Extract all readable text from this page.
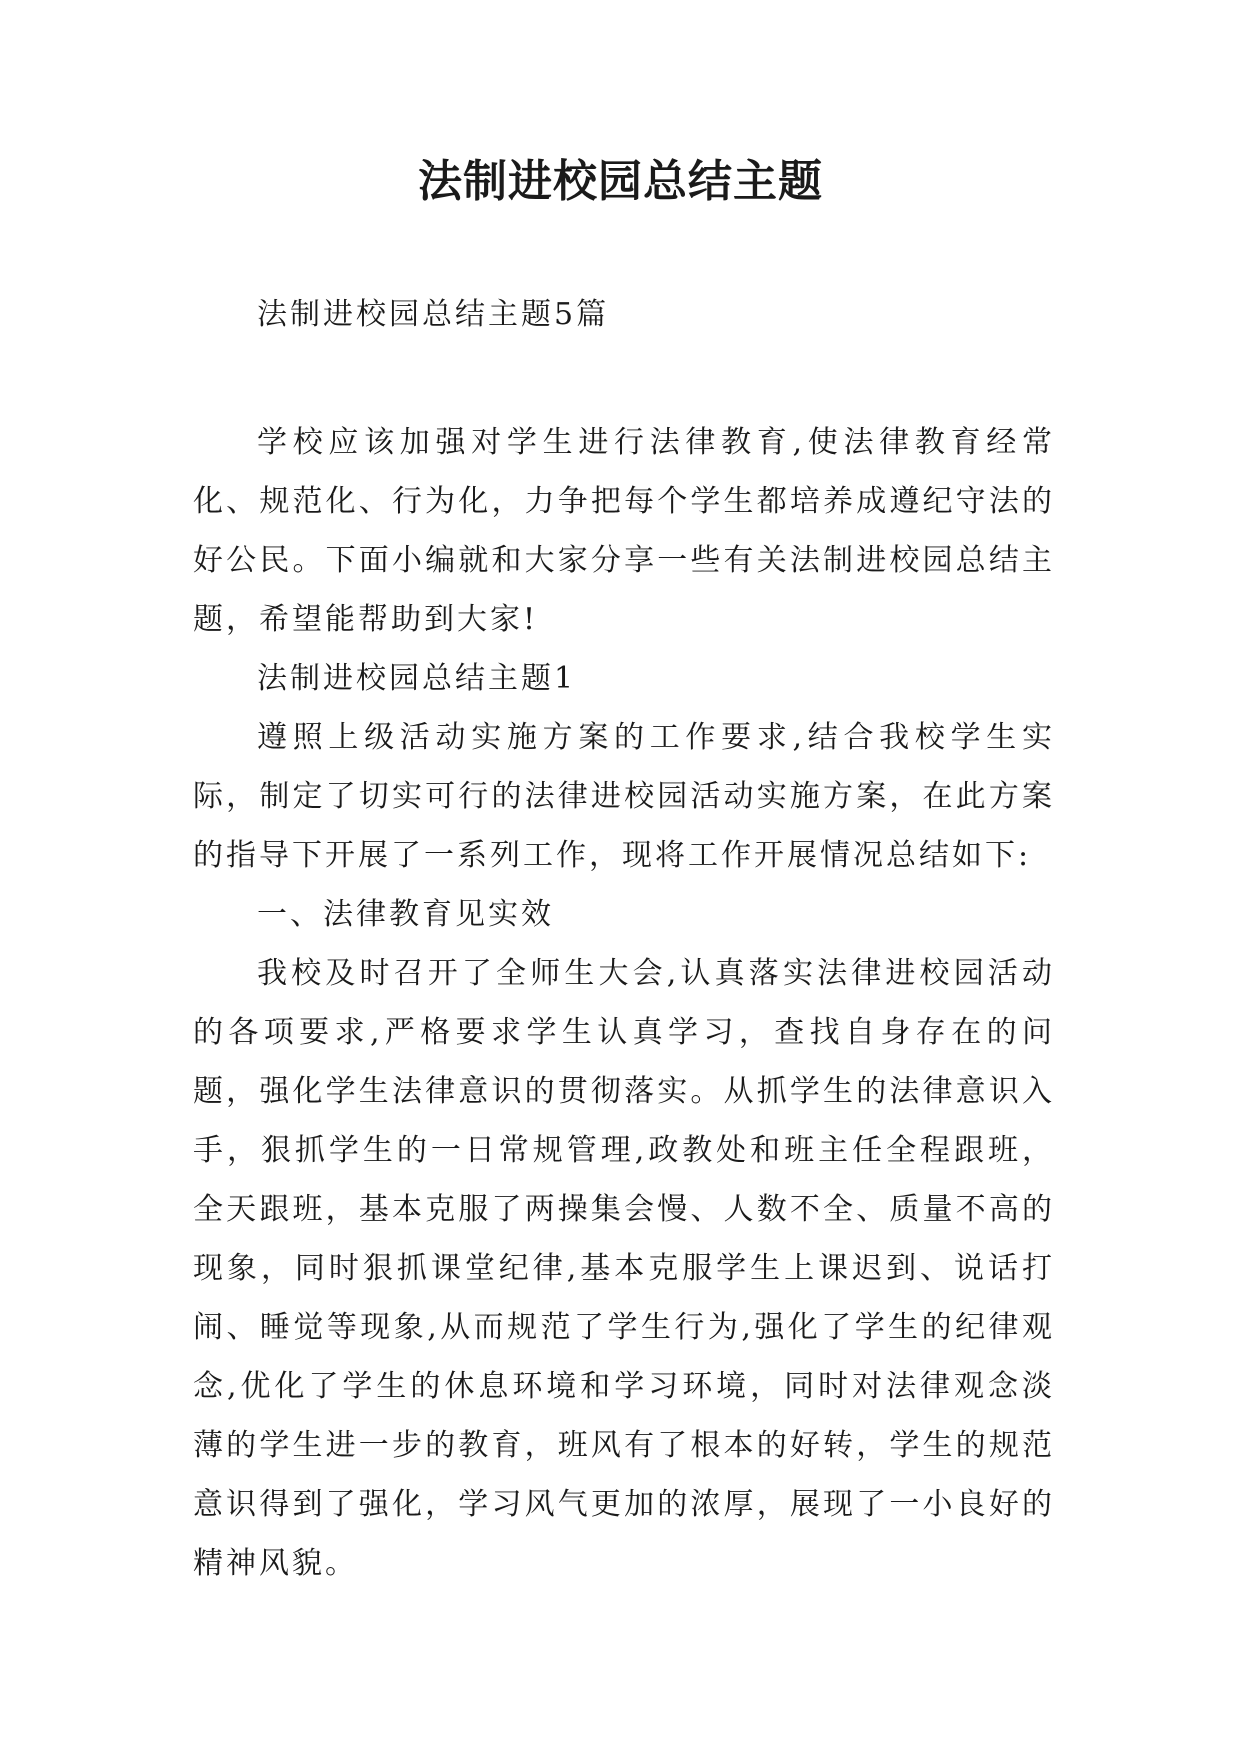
法制进校园总结主题

法制进校园总结主题5篇

学校应该加强对学生进行法律教育,使法律教育经常化、规范化、行为化，力争把每个学生都培养成遵纪守法的好公民。下面小编就和大家分享一些有关法制进校园总结主题，希望能帮助到大家!

法制进校园总结主题1

遵照上级活动实施方案的工作要求,结合我校学生实际，制定了切实可行的法律进校园活动实施方案，在此方案的指导下开展了一系列工作，现将工作开展情况总结如下:

一、法律教育见实效

我校及时召开了全师生大会,认真落实法律进校园活动的各项要求,严格要求学生认真学习，查找自身存在的问题，强化学生法律意识的贯彻落实。从抓学生的法律意识入手，狠抓学生的一日常规管理,政教处和班主任全程跟班，全天跟班，基本克服了两操集会慢、人数不全、质量不高的现象，同时狠抓课堂纪律,基本克服学生上课迟到、说话打闹、睡觉等现象,从而规范了学生行为,强化了学生的纪律观念,优化了学生的休息环境和学习环境，同时对法律观念淡薄的学生进一步的教育，班风有了根本的好转，学生的规范意识得到了强化，学习风气更加的浓厚，展现了一小良好的精神风貌。
